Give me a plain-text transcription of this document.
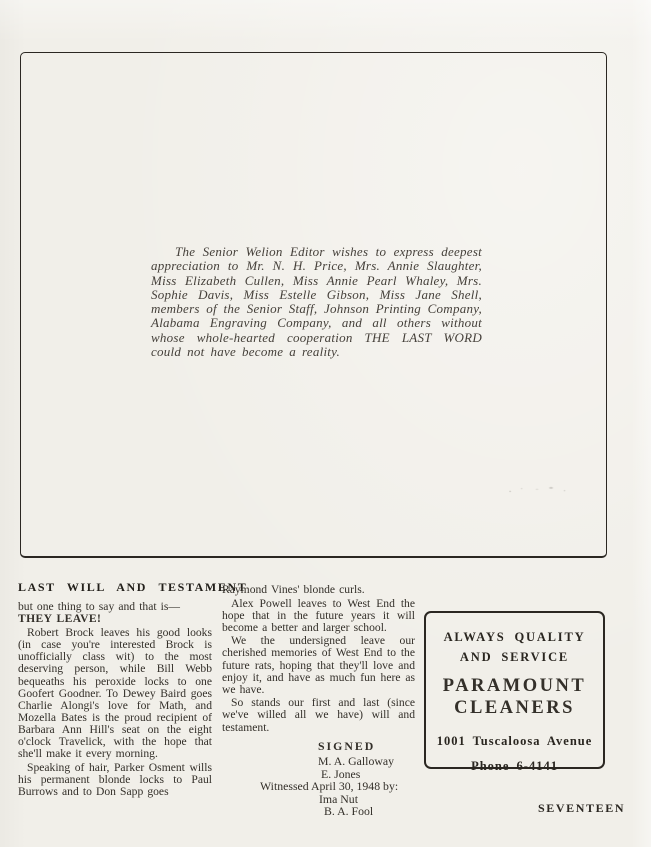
The Senior Welion Editor wishes to express deepest appreciation to Mr. N. H. Price, Mrs. Annie Slaughter, Miss Elizabeth Cullen, Miss Annie Pearl Whaley, Mrs. Sophie Davis, Miss Estelle Gibson, Miss Jane Shell, members of the Senior Staff, Johnson Printing Company, Alabama Engraving Company, and all others without whose whole-hearted cooperation THE LAST WORD could not have become a reality.

LAST WILL AND TESTAMENT

but one thing to say and that is—
THEY LEAVE!

Robert Brock leaves his good looks (in case you're interested Brock is unofficially class wit) to the most deserving person, while Bill Webb bequeaths his peroxide locks to one Goofert Goodner. To Dewey Baird goes Charlie Alongi's love for Math, and Mozella Bates is the proud recipient of Barbara Ann Hill's seat on the eight o'clock Travelick, with the hope that she'll make it every morning.

Speaking of hair, Parker Osment wills his permanent blonde locks to Paul Burrows and to Don Sapp goes

Raymond Vines' blonde curls.

Alex Powell leaves to West End the hope that in the future years it will become a better and larger school.

We the undersigned leave our cherished memories of West End to the future rats, hoping that they'll love and enjoy it, and have as much fun here as we have.

So stands our first and last (since we've willed all we have) will and testament.

SIGNED
M. A. Galloway
E. Jones
Witnessed April 30, 1948 by:
Ima Nut
B. A. Fool
ALWAYS QUALITY
AND SERVICE
PARAMOUNT
CLEANERS
1001 Tuscaloosa Avenue
Phone 6-4141
SEVENTEEN
